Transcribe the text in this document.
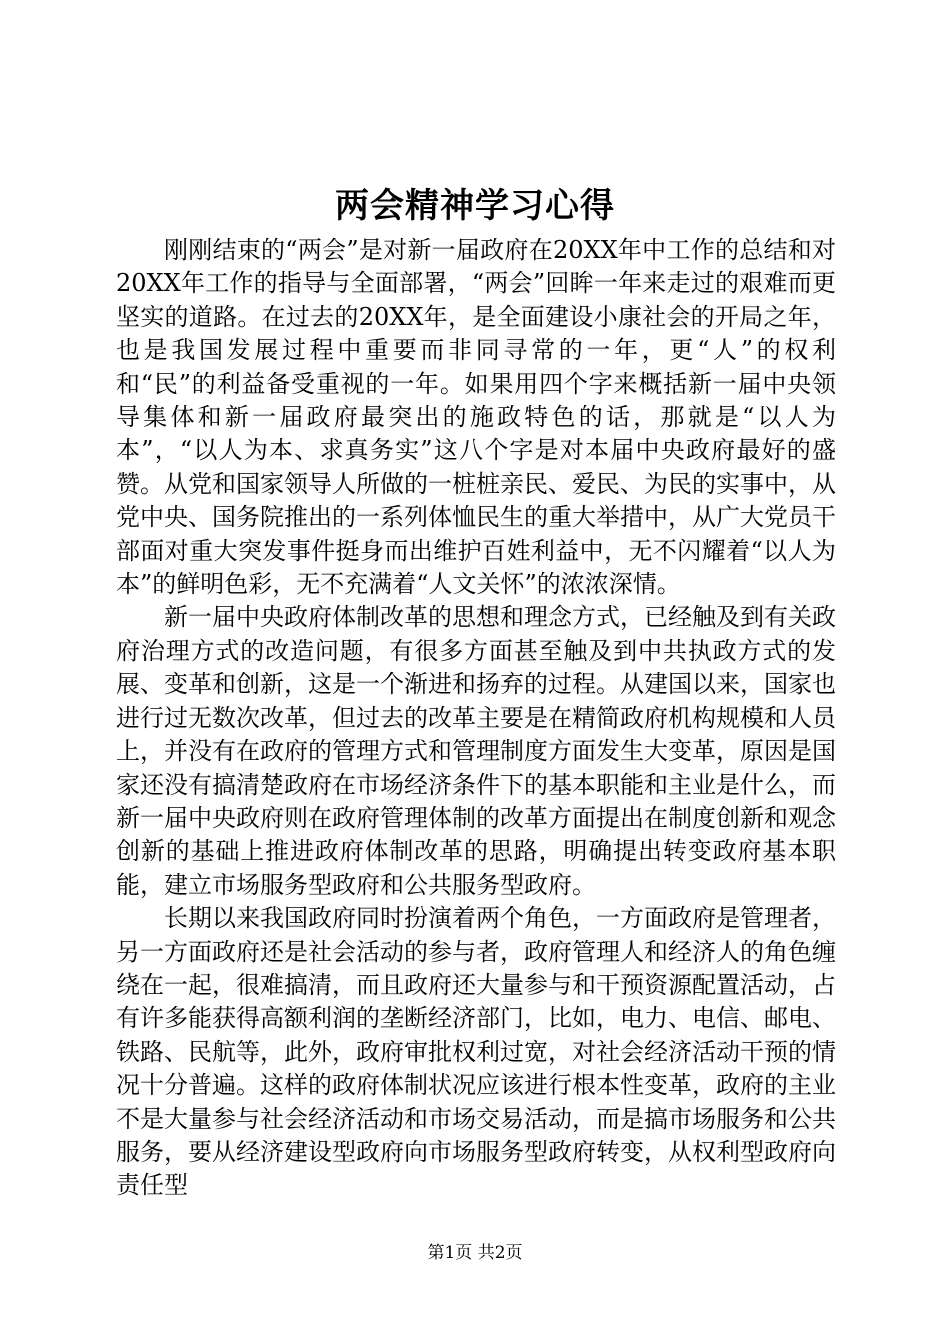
两会精神学习心得

刚刚结束的“两会”是对新一届政府在20XX年中工作的总结和对20XX年工作的指导与全面部署，“两会”回眸一年来走过的艰难而更坚实的道路。在过去的20XX年，是全面建设小康社会的开局之年，也是我国发展过程中重要而非同寻常的一年，更“人”的权利和“民”的利益备受重视的一年。如果用四个字来概括新一届中央领导集体和新一届政府最突出的施政特色的话，那就是“以人为本”，“以人为本、求真务实”这八个字是对本届中央政府最好的盛赞。从党和国家领导人所做的一桩桩亲民、爱民、为民的实事中，从党中央、国务院推出的一系列体恤民生的重大举措中，从广大党员干部面对重大突发事件挺身而出维护百姓利益中，无不闪耀着“以人为本”的鲜明色彩，无不充满着“人文关怀”的浓浓深情。

新一届中央政府体制改革的思想和理念方式，已经触及到有关政府治理方式的改造问题，有很多方面甚至触及到中共执政方式的发展、变革和创新，这是一个渐进和扬弃的过程。从建国以来，国家也进行过无数次改革，但过去的改革主要是在精简政府机构规模和人员上，并没有在政府的管理方式和管理制度方面发生大变革，原因是国家还没有搞清楚政府在市场经济条件下的基本职能和主业是什么，而新一届中央政府则在政府管理体制的改革方面提出在制度创新和观念创新的基础上推进政府体制改革的思路，明确提出转变政府基本职能，建立市场服务型政府和公共服务型政府。

长期以来我国政府同时扮演着两个角色，一方面政府是管理者，另一方面政府还是社会活动的参与者，政府管理人和经济人的角色缠绕在一起，很难搞清，而且政府还大量参与和干预资源配置活动，占有许多能获得高额利润的垄断经济部门，比如，电力、电信、邮电、铁路、民航等，此外，政府审批权利过宽，对社会经济活动干预的情况十分普遍。这样的政府体制状况应该进行根本性变革，政府的主业不是大量参与社会经济活动和市场交易活动，而是搞市场服务和公共服务，要从经济建设型政府向市场服务型政府转变，从权利型政府向责任型

第1页 共2页
